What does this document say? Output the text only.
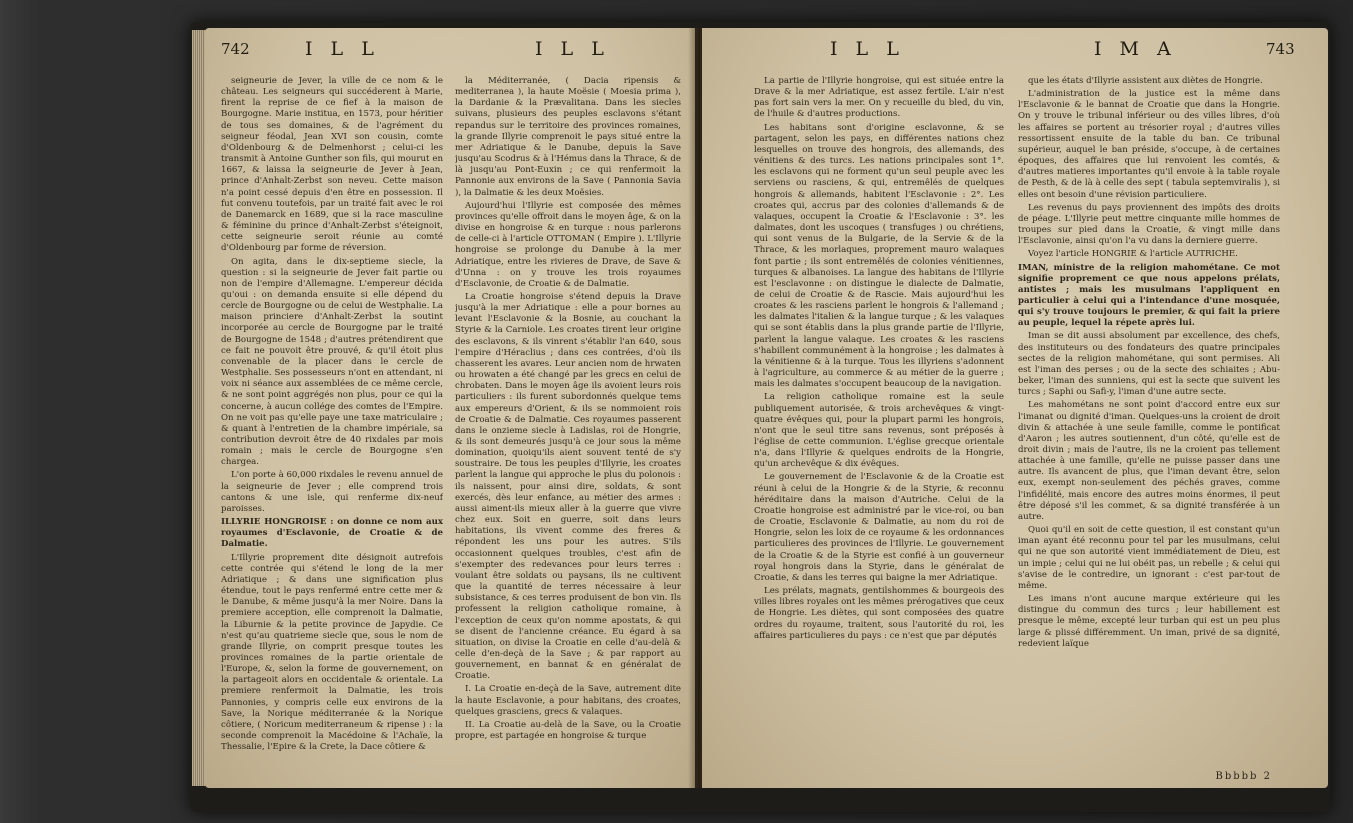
742	I L L	I L L

seigneurie de Jever, la ville de ce nom & le château. Les seigneurs qui succéderent à Marie, firent la reprise de ce fief à la maison de Bourgogne. Marie institua, en 1573, pour héritier de tous ses domaines, & de l'agrément du seigneur féodal, Jean XVI son cousin, comte d'Oldenbourg & de Delmenhorst ; celui-ci les transmit à Antoine Gunther son fils, qui mourut en 1667, & laissa la seigneurie de Jever à Jean, prince d'Anhalt-Zerbst son neveu. Cette maison n'a point cessé depuis d'en être en possession. Il fut convenu toutefois, par un traité fait avec le roi de Danemarck en 1689, que si la race masculine & féminine du prince d'Anhalt-Zerbst s'éteignoit, cette seigneurie seroit réunie au comté d'Oldenbourg par forme de réversion.

On agita, dans le dix-septieme siecle, la question : si la seigneurie de Jever fait partie ou non de l'empire d'Allemagne. L'empereur décida qu'oui : on demanda ensuite si elle dépend du cercle de Bourgogne ou de celui de Westphalie. La maison princiere d'Anhalt-Zerbst la soutint incorporée au cercle de Bourgogne par le traité de Bourgogne de 1548 ; d'autres prétendirent que ce fait ne pouvoit être prouvé, & qu'il étoit plus convenable de la placer dans le cercle de Westphalie. Ses possesseurs n'ont en attendant, ni voix ni séance aux assemblées de ce même cercle, & ne sont point aggrégés non plus, pour ce qui la concerne, à aucun collége des comtes de l'Empire. On ne voit pas qu'elle paye une taxe matriculaire ; & quant à l'entretien de la chambre impériale, sa contribution devroit être de 40 rixdales par mois romain ; mais le cercle de Bourgogne s'en chargea.

L'on porte à 60,000 rixdales le revenu annuel de la seigneurie de Jever ; elle comprend trois cantons & une isle, qui renferme dix-neuf paroisses.

ILLYRIE HONGROISE : on donne ce nom aux royaumes d'Esclavonie, de Croatie & de Dalmatie.

L'Illyrie proprement dite désignoit autrefois cette contrée qui s'étend le long de la mer Adriatique ; & dans une signification plus étendue, tout le pays renfermé entre cette mer & le Danube, & même jusqu'à la mer Noire. Dans la premiere acception, elle comprenoit la Dalmatie, la Liburnie & la petite province de Japydie. Ce n'est qu'au quatrieme siecle que, sous le nom de grande Illyrie, on comprit presque toutes les provinces romaines de la partie orientale de l'Europe, &, selon la forme de gouvernement, on la partageoit alors en occidentale & orientale. La premiere renfermoit la Dalmatie, les trois Pannonies, y compris celle eux environs de la Save, la Norique méditerranée & la Norique côtiere, ( Noricum mediterraneum & ripense ) : la seconde comprenoit la Macédoine & l'Achaïe, la Thessalie, l'Epire & la Crete, la Dace côtiere &

la Méditerranée, ( Dacia ripensis & mediterranea ), la haute Moësie ( Moesia prima ), la Dardanie & la Prævalitana. Dans les siecles suivans, plusieurs des peuples esclavons s'étant repandus sur le territoire des provinces romaines, la grande Illyrie comprenoit le pays situé entre la mer Adriatique & le Danube, depuis la Save jusqu'au Scodrus & à l'Hémus dans la Thrace, & de là jusqu'au Pont-Euxin ; ce qui renfermoit la Pannonie aux environs de la Save ( Pannonia Savia ), la Dalmatie & les deux Moësies.

Aujourd'hui l'Illyrie est composée des mêmes provinces qu'elle offroit dans le moyen âge, & on la divise en hongroise & en turque : nous parlerons de celle-ci à l'article OTTOMAN ( Empire ). L'Illyrie hongroise se prolonge du Danube à la mer Adriatique, entre les rivieres de Drave, de Save & d'Unna : on y trouve les trois royaumes d'Esclavonie, de Croatie & de Dalmatie.

La Croatie hongroise s'étend depuis la Drave jusqu'à la mer Adriatique : elle a pour bornes au levant l'Esclavonie & la Bosnie, au couchant la Styrie & la Carniole. Les croates tirent leur origine des esclavons, & ils vinrent s'établir l'an 640, sous l'empire d'Héraclius ; dans ces contrées, d'où ils chasserent les avares. Leur ancien nom de hrwaten ou hrowaten a été changé par les grecs en celui de chrobaten. Dans le moyen âge ils avoient leurs rois particuliers : ils furent subordonnés quelque tems aux empereurs d'Orient, & ils se nommoient rois de Croatie & de Dalmatie. Ces royaumes passerent dans le onzieme siecle à Ladislas, roi de Hongrie, & ils sont demeurés jusqu'à ce jour sous la même domination, quoiqu'ils aient souvent tenté de s'y soustraire. De tous les peuples d'Illyrie, les croates parlent la langue qui approche le plus du polonois : ils naissent, pour ainsi dire, soldats, & sont exercés, dès leur enfance, au métier des armes : aussi aiment-ils mieux aller à la guerre que vivre chez eux. Soit en guerre, soit dans leurs habitations, ils vivent comme des freres & répondent les uns pour les autres. S'ils occasionnent quelques troubles, c'est afin de s'exempter des redevances pour leurs terres : voulant être soldats ou paysans, ils ne cultivent que la quantité de terres nécessaire à leur subsistance, & ces terres produisent de bon vin. Ils professent la religion catholique romaine, à l'exception de ceux qu'on nomme apostats, & qui se disent de l'ancienne créance. Eu égard à sa situation, on divise la Croatie en celle d'au-delà & celle d'en-deçà de la Save ; & par rapport au gouvernement, en bannat & en généralat de Croatie.

I. La Croatie en-deçà de la Save, autrement dite la haute Esclavonie, a pour habitans, des croates, quelques grasciens, grecs & valaques.

II. La Croatie au-delà de la Save, ou la Croatie propre, est partagée en hongroise & turque

I L L	I M A	743

La partie de l'Illyrie hongroise, qui est située entre la Drave & la mer Adriatique, est assez fertile. L'air n'est pas fort sain vers la mer. On y recueille du bled, du vin, de l'huile & d'autres productions.

Les habitans sont d'origine esclavonne, & se partagent, selon les pays, en différentes nations chez lesquelles on trouve des hongrois, des allemands, des vénitiens & des turcs. Les nations principales sont 1°. les esclavons qui ne forment qu'un seul peuple avec les serviens ou rasciens, & qui, entremêlés de quelques hongrois & allemands, habitent l'Esclavonie : 2°. Les croates qui, accrus par des colonies d'allemands & de valaques, occupent la Croatie & l'Esclavonie : 3°. les dalmates, dont les uscoques ( transfuges ) ou chrétiens, qui sont venus de la Bulgarie, de la Servie & de la Thrace, & les morlaques, proprement mauro walaques font partie ; ils sont entremêlés de colonies vénitiennes, turques & albanoises. La langue des habitans de l'Illyrie est l'esclavonne : on distingue le dialecte de Dalmatie, de celui de Croatie & de Rascie. Mais aujourd'hui les croates & les rasciens parlent le hongrois & l'allemand ; les dalmates l'italien & la langue turque ; & les valaques qui se sont établis dans la plus grande partie de l'Illyrie, parlent la langue valaque. Les croates & les rasciens s'habillent communément à la hongroise ; les dalmates à la vénitienne & à la turque. Tous les illyriens s'adonnent à l'agriculture, au commerce & au métier de la guerre ; mais les dalmates s'occupent beaucoup de la navigation.

La religion catholique romaine est la seule publiquement autorisée, & trois archevêques & vingt-quatre évêques qui, pour la plupart parmi les hongrois, n'ont que le seul titre sans revenus, sont préposés à l'église de cette communion. L'église grecque orientale n'a, dans l'Illyrie & quelques endroits de la Hongrie, qu'un archevêque & dix évêques.

Le gouvernement de l'Esclavonie & de la Croatie est réuni à celui de la Hongrie & de la Styrie, & reconnu héréditaire dans la maison d'Autriche. Celui de la Croatie hongroise est administré par le vice-roi, ou ban de Croatie, Esclavonie & Dalmatie, au nom du roi de Hongrie, selon les loix de ce royaume & les ordonnances particulieres des provinces de l'Illyrie. Le gouvernement de la Croatie & de la Styrie est confié à un gouverneur royal hongrois dans la Styrie, dans le généralat de Croatie, & dans les terres qui baigne la mer Adriatique.

Les prélats, magnats, gentilshommes & bourgeois des villes libres royales ont les mêmes prérogatives que ceux de Hongrie. Les diètes, qui sont composées des quatre ordres du royaume, traitent, sous l'autorité du roi, les affaires particulieres du pays : ce n'est que par députés

que les états d'Illyrie assistent aux diètes de Hongrie.

L'administration de la justice est la même dans l'Esclavonie & le bannat de Croatie que dans la Hongrie. On y trouve le tribunal inférieur ou des villes libres, d'où les affaires se portent au trésorier royal ; d'autres villes ressortissent ensuite de la table du ban. Ce tribunal supérieur, auquel le ban préside, s'occupe, à de certaines époques, des affaires que lui renvoient les comtés, & d'autres matieres importantes qu'il envoie à la table royale de Pesth, & de là à celle des sept ( tabula septemviralis ), si elles ont besoin d'une révision particuliere.

Les revenus du pays proviennent des impôts des droits de péage. L'Illyrie peut mettre cinquante mille hommes de troupes sur pied dans la Croatie, & vingt mille dans l'Esclavonie, ainsi qu'on l'a vu dans la derniere guerre.

Voyez l'article HONGRIE & l'article AUTRICHE.

IMAN, ministre de la religion mahométane. Ce mot signifie proprement ce que nous appelons prélats, antistes ; mais les musulmans l'appliquent en particulier à celui qui a l'intendance d'une mosquée, qui s'y trouve toujours le premier, & qui fait la priere au peuple, lequel la répete après lui.

Iman se dit aussi absolument par excellence, des chefs, des instituteurs ou des fondateurs des quatre principales sectes de la religion mahométane, qui sont permises. Ali est l'iman des perses ; ou de la secte des schiaites ; Abu-beker, l'iman des sunniens, qui est la secte que suivent les turcs ; Saphi ou Safi-y, l'iman d'une autre secte.

Les mahométans ne sont point d'accord entre eux sur l'imanat ou dignité d'iman. Quelques-uns la croient de droit divin & attachée à une seule famille, comme le pontificat d'Aaron ; les autres soutiennent, d'un côté, qu'elle est de droit divin ; mais de l'autre, ils ne la croient pas tellement attachée à une famille, qu'elle ne puisse passer dans une autre. Ils avancent de plus, que l'iman devant être, selon eux, exempt non-seulement des péchés graves, comme l'infidélité, mais encore des autres moins énormes, il peut être déposé s'il les commet, & sa dignité transférée à un autre.

Quoi qu'il en soit de cette question, il est constant qu'un iman ayant été reconnu pour tel par les musulmans, celui qui ne que son autorité vient immédiatement de Dieu, est un impie ; celui qui ne lui obéit pas, un rebelle ; & celui qui s'avise de le contredire, un ignorant : c'est par-tout de même.

Les imans n'ont aucune marque extérieure qui les distingue du commun des turcs ; leur habillement est presque le même, excepté leur turban qui est un peu plus large & plissé différemment. Un iman, privé de sa dignité, redevient laïque

Bbbbb 2
